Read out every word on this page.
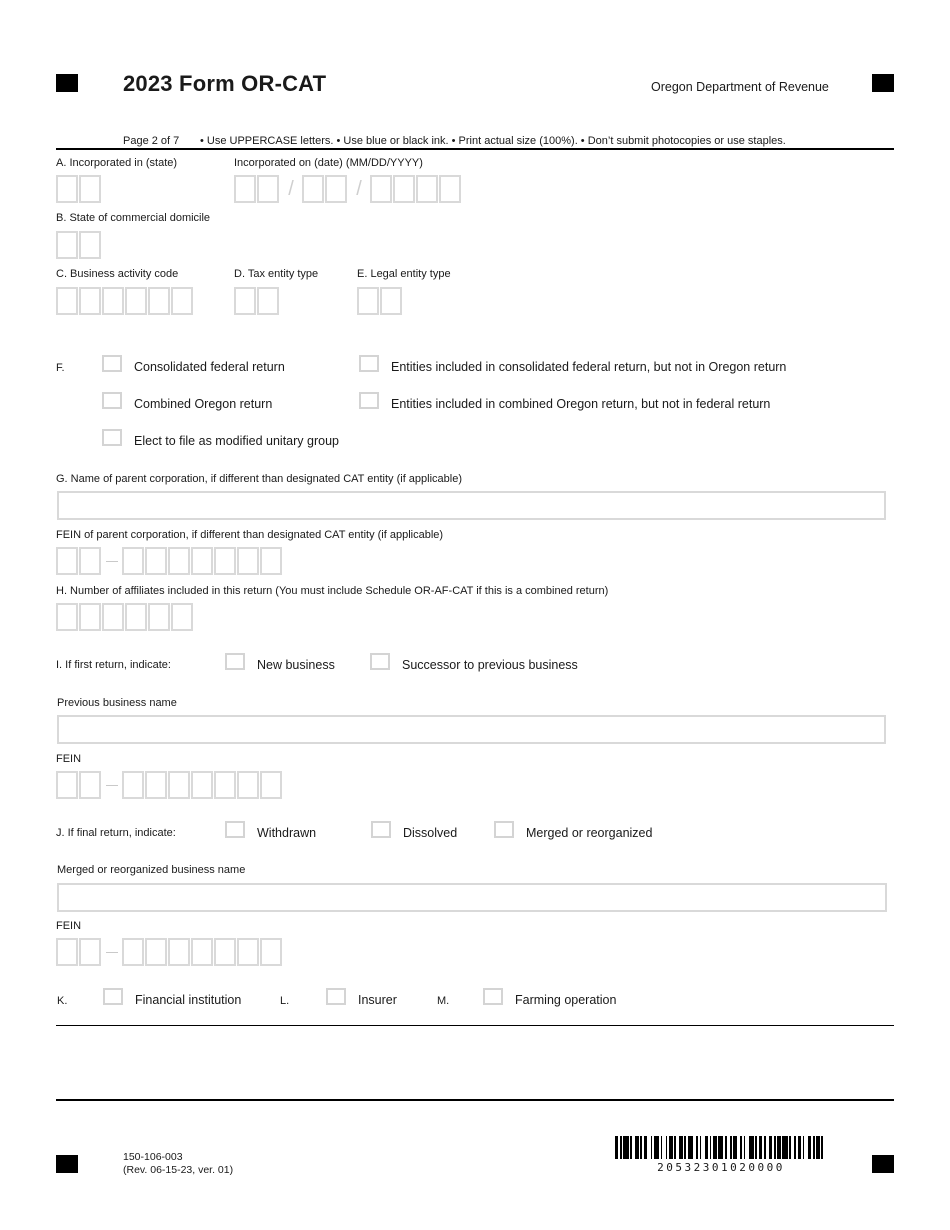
2023 Form OR-CAT	Oregon Department of Revenue
Page 2 of 7 • Use UPPERCASE letters. • Use blue or black ink. • Print actual size (100%). • Don’t submit photocopies or use staples.
A. Incorporated in (state)	Incorporated on (date) (MM/DD/YYYY)
/	/
B. State of commercial domicile
C. Business activity code	D. Tax entity type	E. Legal entity type
F.	Consolidated federal return	Entities included in consolidated federal return, but not in Oregon return
Combined Oregon return	Entities included in combined Oregon return, but not in federal return
Elect to file as modified unitary group
G. Name of parent corporation, if different than designated CAT entity (if applicable)
FEIN of parent corporation, if different than designated CAT entity (if applicable)
H. Number of affiliates included in this return (You must include Schedule OR-AF-CAT if this is a combined return)
I. If first return, indicate:	New business	Successor to previous business
Previous business name
FEIN
J. If final return, indicate:	Withdrawn	Dissolved	Merged or reorganized
Merged or reorganized business name
FEIN
K.	Financial institution	L.	Insurer	M.	Farming operation
150-106-003
(Rev. 06-15-23, ver. 01)	20532301020000
